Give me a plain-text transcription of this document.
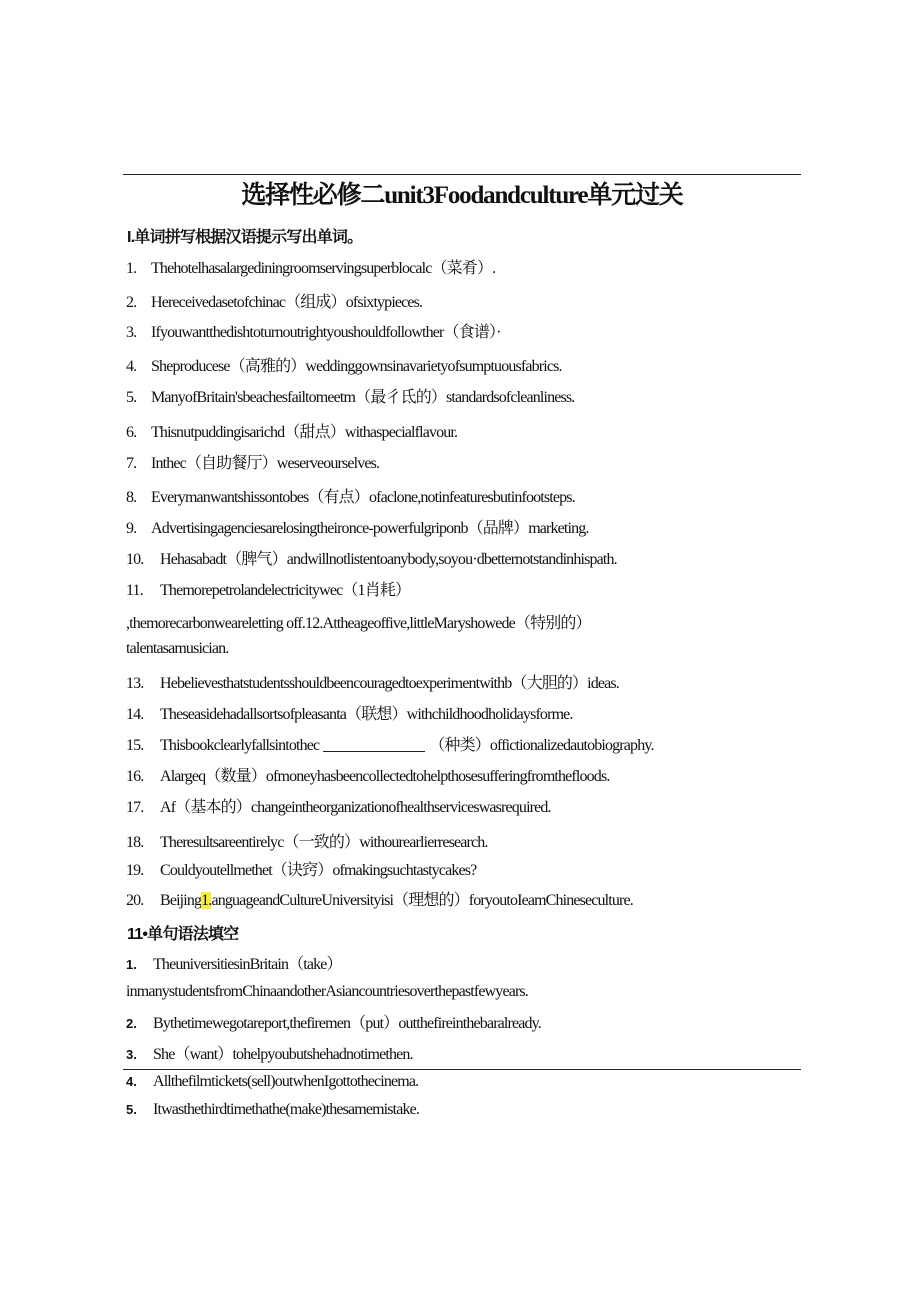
选择性必修二unit3Foodandculture单元过关
I.单词拼写根据汉语提示写出单词。
1. Thehotelhasalargediningroomservingsuperblocalc（菜肴）.
2. Hereceivedasetofchinac（组成）ofsixtypieces.
3. Ifyouwantthedishtoturnoutrightyoushouldfollowther（食谱）·
4. Sheproducese（高雅的）weddinggownsinavarietyofsumptuousfabrics.
5. ManyofBritain'sbeachesfailtomeetm（最彳氐的）standardsofcleanliness.
6. Thisnutpuddingisarichd（甜点）withaspecialflavour.
7. Inthec（自助餐厅）weserveourselves.
8. Everymanwantshissontobes（有点）ofaclone,notinfeaturesbutinfootsteps.
9. Advertisingagenciesarelosingtheironce-powerfulgriponb（品牌）marketing.
10. Hehasabadt（脾气）andwillnotlistentoanybody,soyou·dbetternotstandinhispath.
11. Themorepetrolandelectricitywec（1肖耗）
,themorecarbonweareletting off.12.Attheageoffive,littleMaryshowede（特别的）
talentasamusician.
13. Hebelievesthatstudentsshouldbeencouragedtoexperimentwithb（大胆的）ideas.
14. Theseasidehadallsortsofpleasanta（联想）withchildhoodholidaysforme.
15. Thisbookclearlyfallsintothec	（种类）offictionalizedautobiography.
16. Alargeq（数量）ofmoneyhasbeencollectedtohelpthosesufferingfromthefloods.
17. Af（基本的）changeintheorganizationofhealthserviceswasrequired.
18. Theresultsareentirelyc（一致的）withourearlierresearch.
19. Couldyoutellmethet（诀窍）ofmakingsuchtastycakes?
20. Beijing1.anguageandCultureUniversityisi（理想的）foryoutoIeamChineseculture.
11•单句语法填空
1. TheuniversitiesinBritain（take）
inmanystudentsfromChinaandotherAsiancountriesoverthepastfewyears.
2. Bythetimewegotareport,thefiremen（put）outthefireinthebaralready.
3. She（want）tohelpyoubutshehadnotimethen.
4. Allthefilmtickets(sell)outwhenIgottothecinema.
5. Itwasthethirdtimethathe(make)thesamemistake.
